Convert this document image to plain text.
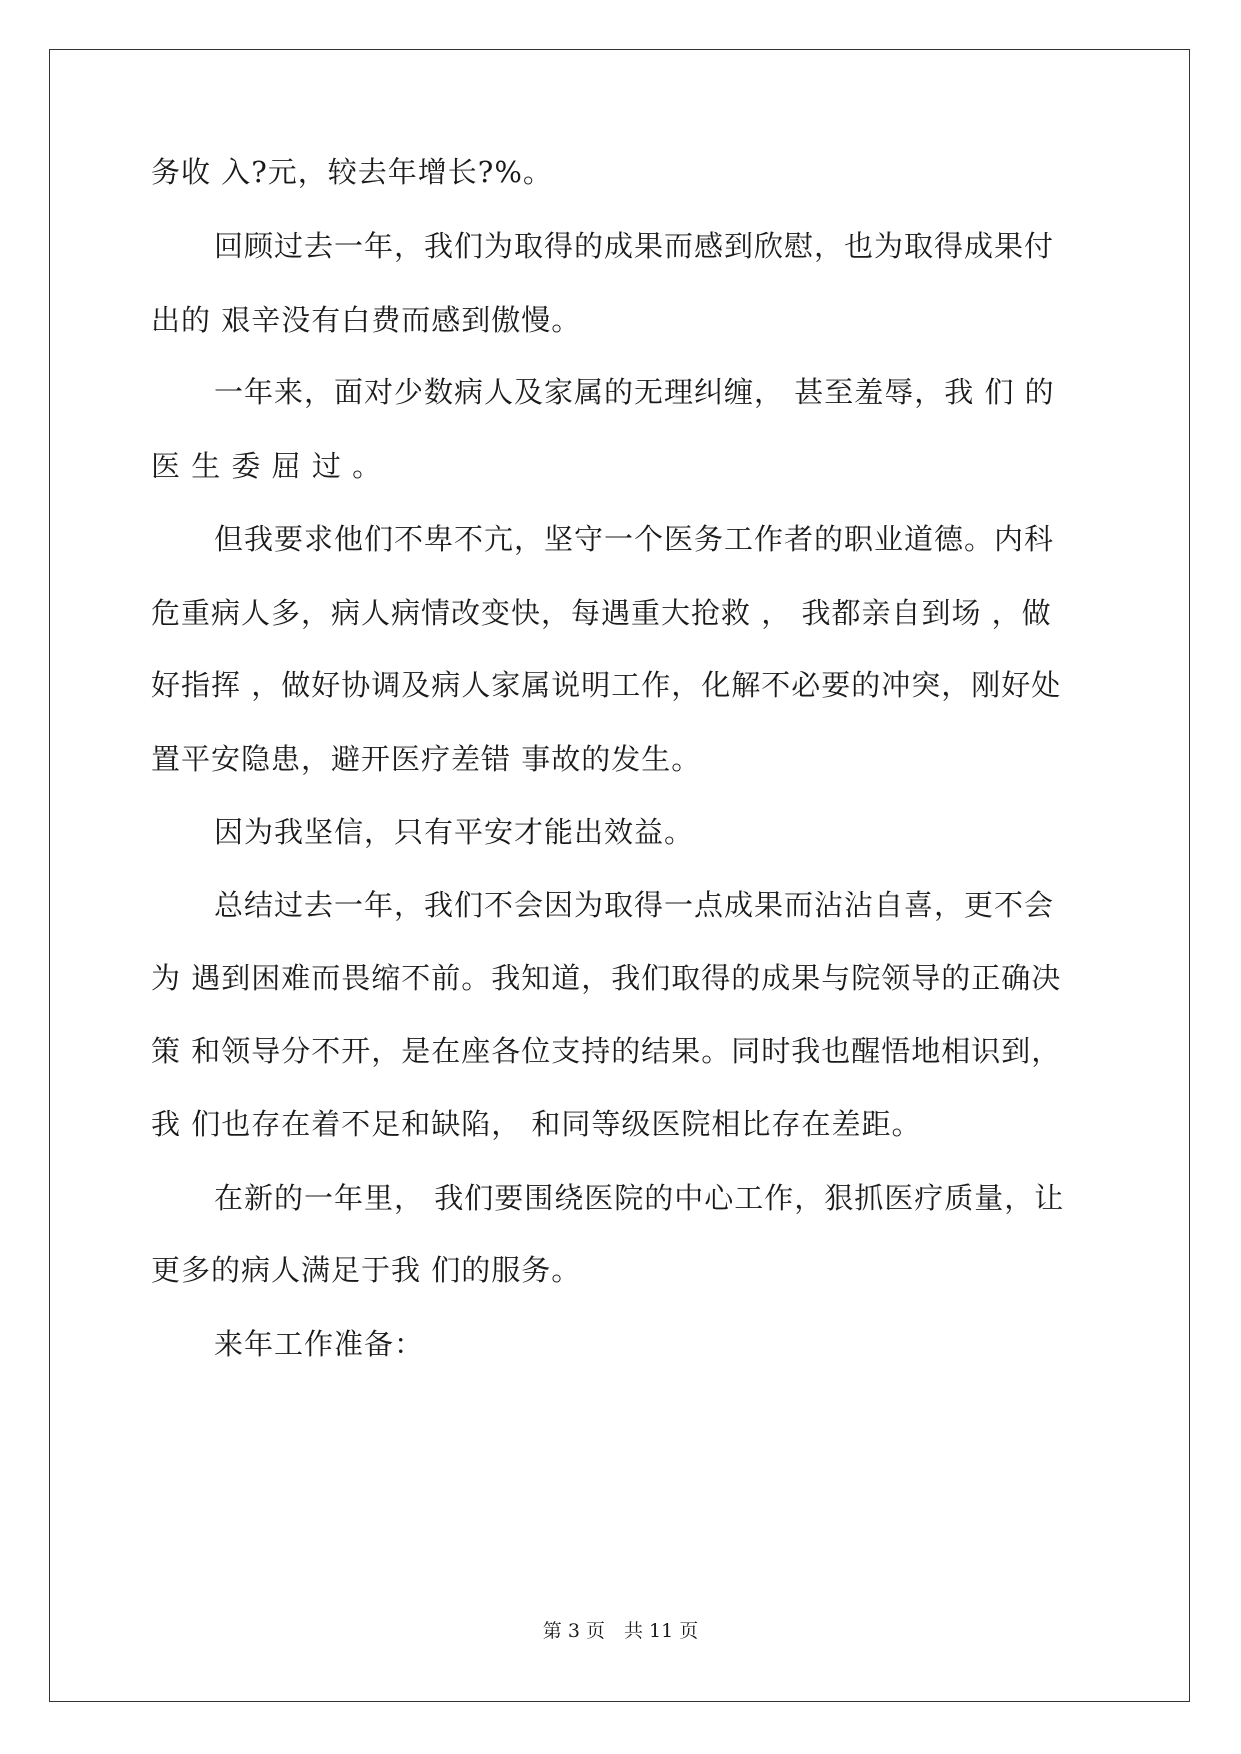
务收 入?元，较去年增长?%。

回顾过去一年，我们为取得的成果而感到欣慰，也为取得成果付

出的 艰辛没有白费而感到傲慢。

一年来，面对少数病人及家属的无理纠缠， 甚至羞辱，我 们 的

医 生 委 屈 过 。

但我要求他们不卑不亢，坚守一个医务工作者的职业道德。内科

危重病人多，病人病情改变快，每遇重大抢救 ， 我都亲自到场 ，做

好指挥 ，做好协调及病人家属说明工作，化解不必要的冲突，刚好处

置平安隐患，避开医疗差错 事故的发生。

因为我坚信，只有平安才能出效益。

总结过去一年，我们不会因为取得一点成果而沾沾自喜，更不会

为 遇到困难而畏缩不前。我知道，我们取得的成果与院领导的正确决

策 和领导分不开，是在座各位支持的结果。同时我也醒悟地相识到，

我 们也存在着不足和缺陷， 和同等级医院相比存在差距。

在新的一年里， 我们要围绕医院的中心工作，狠抓医疗质量，让

更多的病人满足于我 们的服务。

来年工作准备：

第 3 页　共 11 页
